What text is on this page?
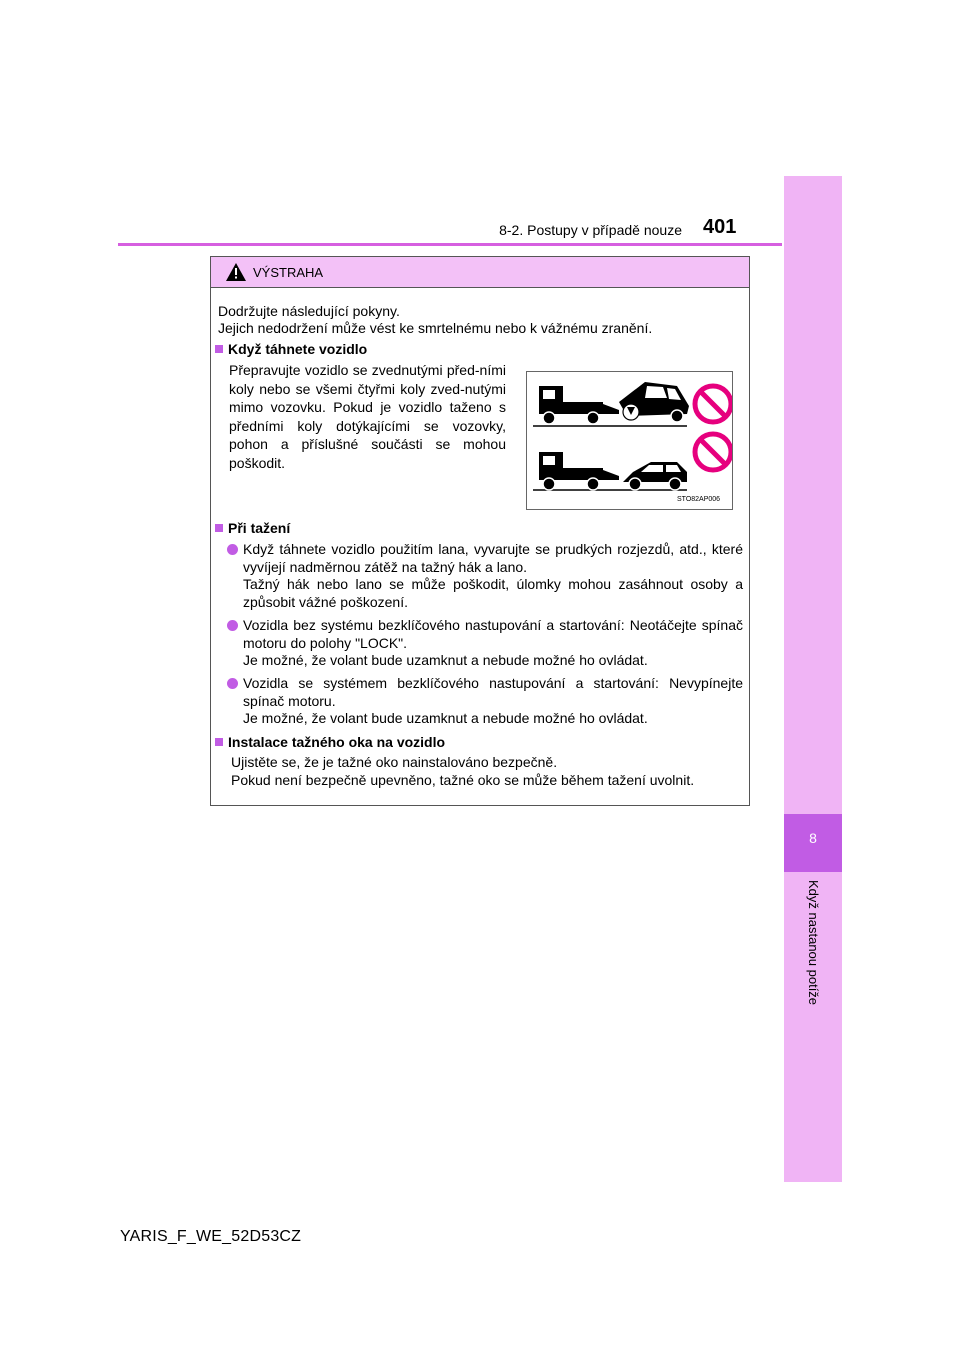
8-2. Postupy v případě nouze 401
8
Když nastanou potíže
VÝSTRAHA
Dodržujte následující pokyny.
Jejich nedodržení může vést ke smrtelnému nebo k vážnému zranění.
Když táhnete vozidlo
Přepravujte vozidlo se zvednutými před-ními koly nebo se všemi čtyřmi koly zved-nutými mimo vozovku. Pokud je vozidlo taženo s předními koly dotýkajícími se vozovky, pohon a příslušné součásti se mohou poškodit.
STO82AP006
Při tažení
Když táhnete vozidlo použitím lana, vyvarujte se prudkých rozjezdů, atd., které vyvíjejí nadměrnou zátěž na tažný hák a lano.
Tažný hák nebo lano se může poškodit, úlomky mohou zasáhnout osoby a způsobit vážné poškození.
Vozidla bez systému bezklíčového nastupování a startování: Neotáčejte spínač motoru do polohy "LOCK".
Je možné, že volant bude uzamknut a nebude možné ho ovládat.
Vozidla se systémem bezklíčového nastupování a startování: Nevypínejte spínač motoru.
Je možné, že volant bude uzamknut a nebude možné ho ovládat.
Instalace tažného oka na vozidlo
Ujistěte se, že je tažné oko nainstalováno bezpečně.
Pokud není bezpečně upevněno, tažné oko se může během tažení uvolnit.
YARIS_F_WE_52D53CZ
